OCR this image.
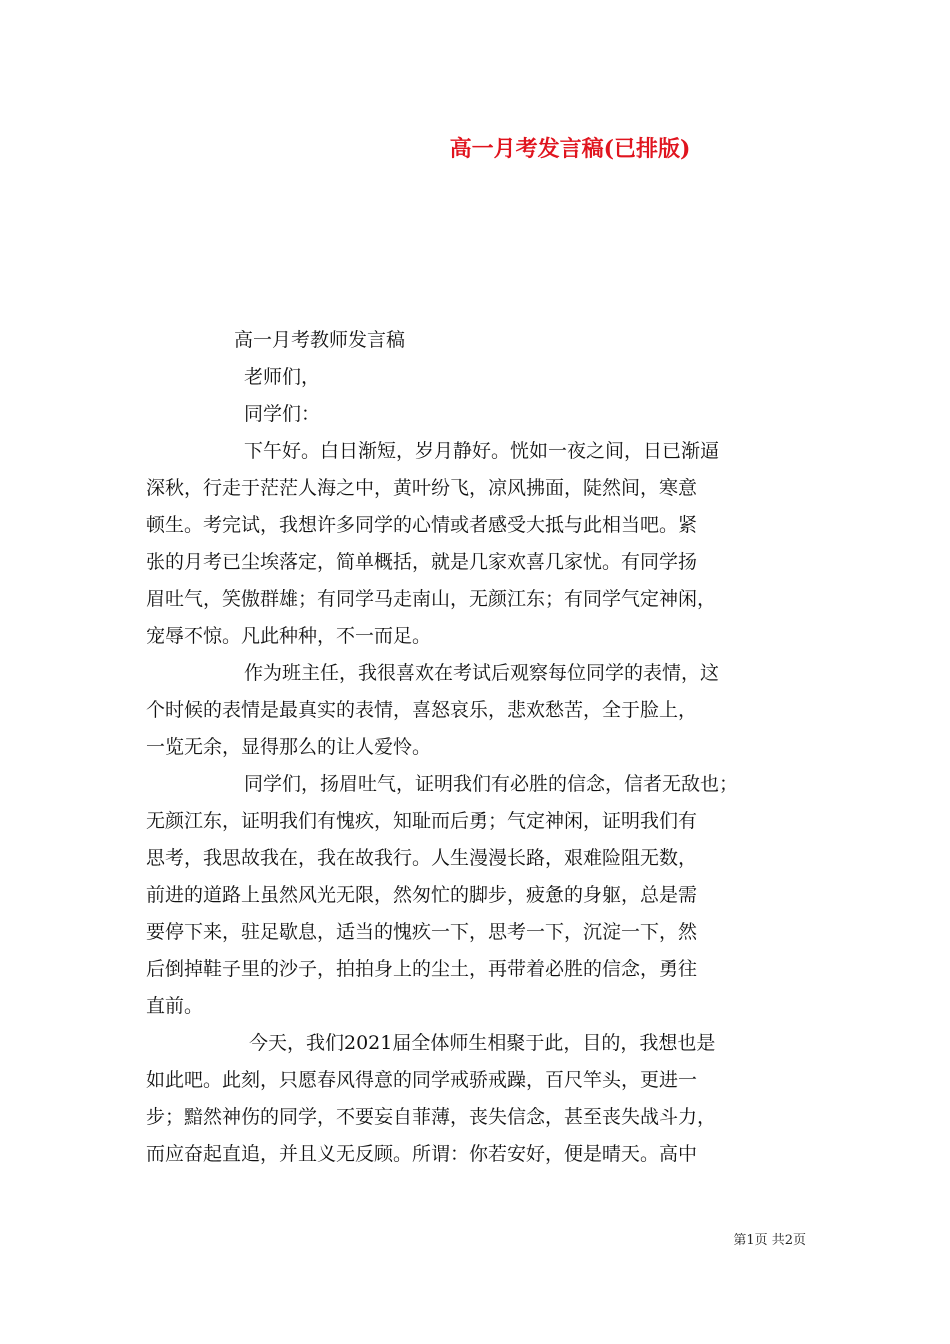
高一月考发言稿(已排版)
高一月考教师发言稿
老师们，
同学们：
下午好。白日渐短，岁月静好。恍如一夜之间，日已渐逼
深秋，行走于茫茫人海之中，黄叶纷飞，凉风拂面，陡然间，寒意
顿生。考完试，我想许多同学的心情或者感受大抵与此相当吧。紧
张的月考已尘埃落定，简单概括，就是几家欢喜几家忧。有同学扬
眉吐气，笑傲群雄；有同学马走南山，无颜江东；有同学气定神闲，
宠辱不惊。凡此种种，不一而足。
作为班主任，我很喜欢在考试后观察每位同学的表情，这
个时候的表情是最真实的表情，喜怒哀乐，悲欢愁苦，全于脸上，
一览无余，显得那么的让人爱怜。
同学们，扬眉吐气，证明我们有必胜的信念，信者无敌也；
无颜江东，证明我们有愧疚，知耻而后勇；气定神闲，证明我们有
思考，我思故我在，我在故我行。人生漫漫长路，艰难险阻无数，
前进的道路上虽然风光无限，然匆忙的脚步，疲惫的身躯，总是需
要停下来，驻足歇息，适当的愧疚一下，思考一下，沉淀一下，然
后倒掉鞋子里的沙子，拍拍身上的尘土，再带着必胜的信念，勇往
直前。
今天，我们2021届全体师生相聚于此，目的，我想也是
如此吧。此刻，只愿春风得意的同学戒骄戒躁，百尺竿头，更进一
步；黯然神伤的同学，不要妄自菲薄，丧失信念，甚至丧失战斗力，
而应奋起直追，并且义无反顾。所谓：你若安好，便是晴天。高中
第1页 共2页
